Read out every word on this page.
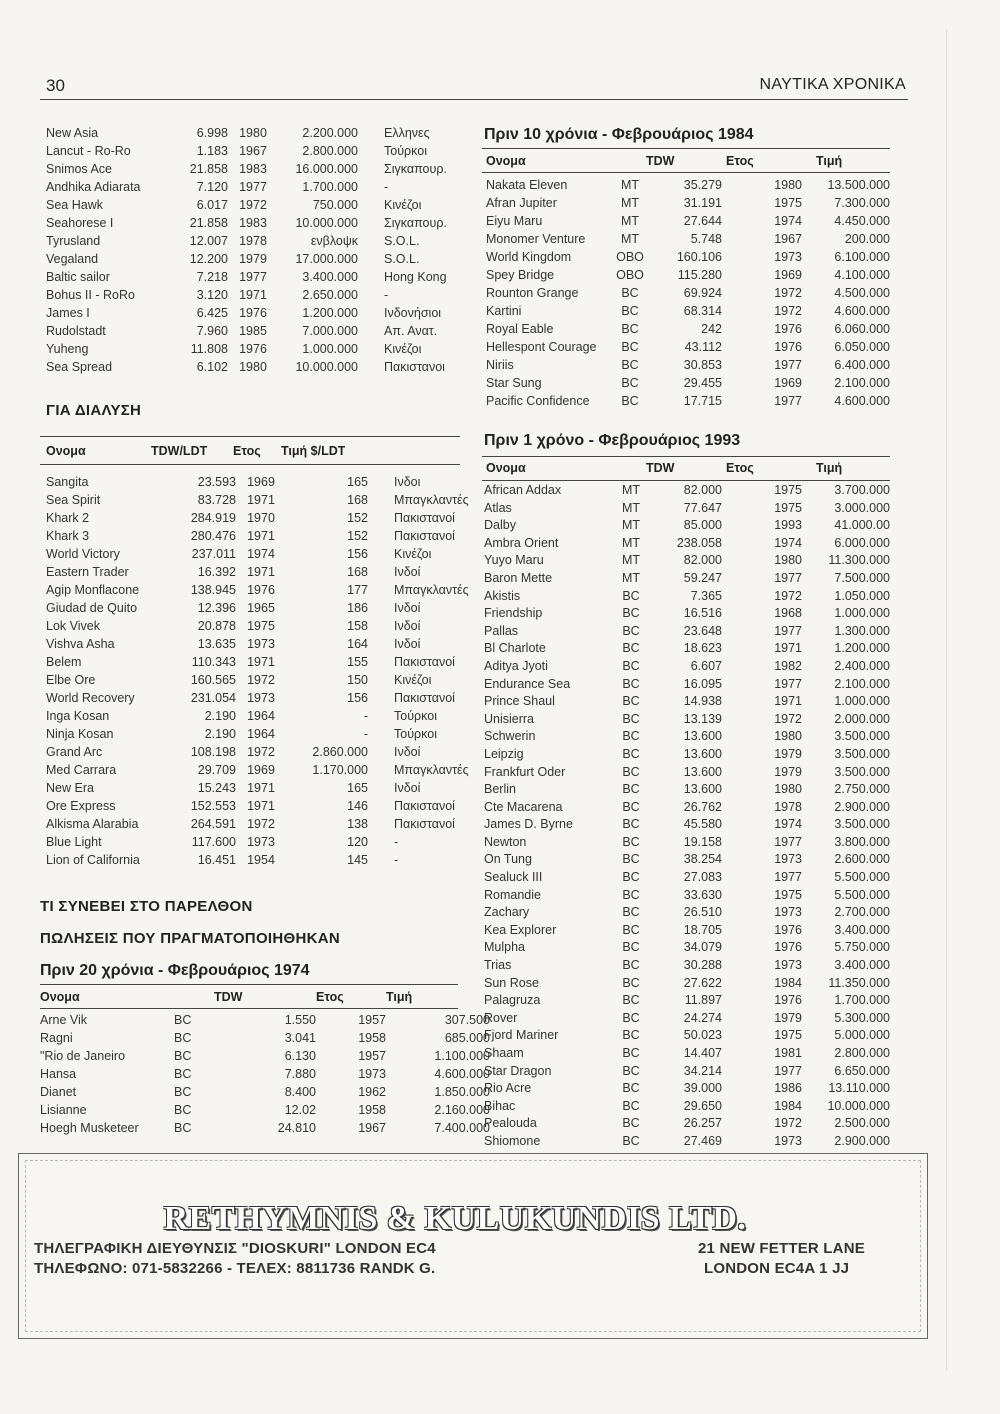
30	ΝΑΥΤΙΚΑ ΧΡΟΝΙΚΑ
New Asia	6.998	1980	2.200.000	Ελληνες
Lancut - Ro-Ro	1.183	1967	2.800.000	Τούρκοι
Snimos Ace	21.858	1983	16.000.000	Σιγκαπουρ.
Andhika Adiarata	7.120	1977	1.700.000	-
Sea Hawk	6.017	1972	750.000	Κινέζοι
Seahorese I	21.858	1983	10.000.000	Σιγκαπουρ.
Tyrusland	12.007	1978	ενβλοψκ	S.O.L.
Vegaland	12.200	1979	17.000.000	S.O.L.
Baltic sailor	7.218	1977	3.400.000	Hong Kong
Bohus II - RoRo	3.120	1971	2.650.000	-
James I	6.425	1976	1.200.000	Ινδονήσιοι
Rudolstadt	7.960	1985	7.000.000	Απ. Ανατ.
Yuheng	11.808	1976	1.000.000	Κινέζοι
Sea Spread	6.102	1980	10.000.000	Πακιστανοι
ΓΙΑ ΔΙΑΛΥΣΗ
Ονομα	TDW/LDT	Ετος	Τιμή $/LDT	
Sangita	23.593	1969	165	Ινδοι
Sea Spirit	83.728	1971	168	Μπαγκλαντές
Khark 2	284.919	1970	152	Πακιστανοί
Khark 3	280.476	1971	152	Πακιστανοί
World Victory	237.011	1974	156	Κινέζοι
Eastern Trader	16.392	1971	168	Ινδοί
Agip Monflacone	138.945	1976	177	Μπαγκλαντές
Giudad de Quito	12.396	1965	186	Ινδοί
Lok Vivek	20.878	1975	158	Ινδοί
Vishva Asha	13.635	1973	164	Ινδοί
Belem	110.343	1971	155	Πακιστανοί
Elbe Ore	160.565	1972	150	Κινέζοι
World Recovery	231.054	1973	156	Πακιστανοί
Inga Kosan	2.190	1964	-	Τούρκοι
Ninja Kosan	2.190	1964	-	Τούρκοι
Grand Arc	108.198	1972	2.860.000	Ινδοί
Med Carrara	29.709	1969	1.170.000	Μπαγκλαντές
New Era	15.243	1971	165	Ινδοί
Ore Express	152.553	1971	146	Πακιστανοί
Alkisma Alarabia	264.591	1972	138	Πακιστανοί
Blue Light	117.600	1973	120	-
Lion of California	16.451	1954	145	-
ΤΙ ΣΥΝΕΒΕΙ ΣΤΟ ΠΑΡΕΛΘΟΝ
ΠΩΛΗΣΕΙΣ ΠΟΥ ΠΡΑΓΜΑΤΟΠΟΙΗΘΗΚΑΝ
Πριν 20 χρόνια - Φεβρουάριος 1974
Ονομα		TDW	Ετος	Τιμή
Arne Vik	BC	1.550	1957	307.500
Ragni	BC	3.041	1958	685.000
"Rio de Janeiro	BC	6.130	1957	1.100.000
Hansa	BC	7.880	1973	4.600.000
Dianet	BC	8.400	1962	1.850.000
Lisianne	BC	12.02	1958	2.160.000
Hoegh Musketeer	BC	24.810	1967	7.400.000
Πριν 10 χρόνια - Φεβρουάριος 1984
Ονομα		TDW	Ετος	Τιμή
Nakata Eleven	MT	35.279	1980	13.500.000
Afran Jupiter	MT	31.191	1975	7.300.000
Eiyu Maru	MT	27.644	1974	4.450.000
Monomer Venture	MT	5.748	1967	200.000
World Kingdom	OBO	160.106	1973	6.100.000
Spey Bridge	OBO	115.280	1969	4.100.000
Rounton Grange	BC	69.924	1972	4.500.000
Kartini	BC	68.314	1972	4.600.000
Royal Eable	BC	242	1976	6.060.000
Hellespont Courage	BC	43.112	1976	6.050.000
Niriis	BC	30.853	1977	6.400.000
Star Sung	BC	29.455	1969	2.100.000
Pacific Confidence	BC	17.715	1977	4.600.000
Πριν 1 χρόνο - Φεβρουάριος 1993
Ονομα		TDW	Ετος	Τιμή
African Addax	MT	82.000	1975	3.700.000
Atlas	MT	77.647	1975	3.000.000
Dalby	MT	85.000	1993	41.000.00
Ambra Orient	MT	238.058	1974	6.000.000
Yuyo Maru	MT	82.000	1980	11.300.000
Baron Mette	MT	59.247	1977	7.500.000
Akistis	BC	7.365	1972	1.050.000
Friendship	BC	16.516	1968	1.000.000
Pallas	BC	23.648	1977	1.300.000
Bl Charlote	BC	18.623	1971	1.200.000
Aditya Jyoti	BC	6.607	1982	2.400.000
Endurance Sea	BC	16.095	1977	2.100.000
Prince Shaul	BC	14.938	1971	1.000.000
Unisierra	BC	13.139	1972	2.000.000
Schwerin	BC	13.600	1980	3.500.000
Leipzig	BC	13.600	1979	3.500.000
Frankfurt Oder	BC	13.600	1979	3.500.000
Berlin	BC	13.600	1980	2.750.000
Cte Macarena	BC	26.762	1978	2.900.000
James D. Byrne	BC	45.580	1974	3.500.000
Newton	BC	19.158	1977	3.800.000
On Tung	BC	38.254	1973	2.600.000
Sealuck III	BC	27.083	1977	5.500.000
Romandie	BC	33.630	1975	5.500.000
Zachary	BC	26.510	1973	2.700.000
Kea Explorer	BC	18.705	1976	3.400.000
Mulpha	BC	34.079	1976	5.750.000
Trias	BC	30.288	1973	3.400.000
Sun Rose	BC	27.622	1984	11.350.000
Palagruza	BC	11.897	1976	1.700.000
Rover	BC	24.274	1979	5.300.000
Fjord Mariner	BC	50.023	1975	5.000.000
Shaam	BC	14.407	1981	2.800.000
Star Dragon	BC	34.214	1977	6.650.000
Rio Acre	BC	39.000	1986	13.110.000
Bihac	BC	29.650	1984	10.000.000
Pealouda	BC	26.257	1972	2.500.000
Shiomone	BC	27.469	1973	2.900.000
RETHYMNIS & KULUKUNDIS LTD.
ΤΗΛΕΓΡΑΦΙΚΗ ΔΙΕΥΘΥΝΣΙΣ "DIOSKURI" LONDON EC4
ΤΗΛΕΦΩΝΟ: 071-5832266 - ΤΕΛΕΧ: 8811736 RANDK G.
21 NEW FETTER LANE
LONDON EC4A 1 JJ
